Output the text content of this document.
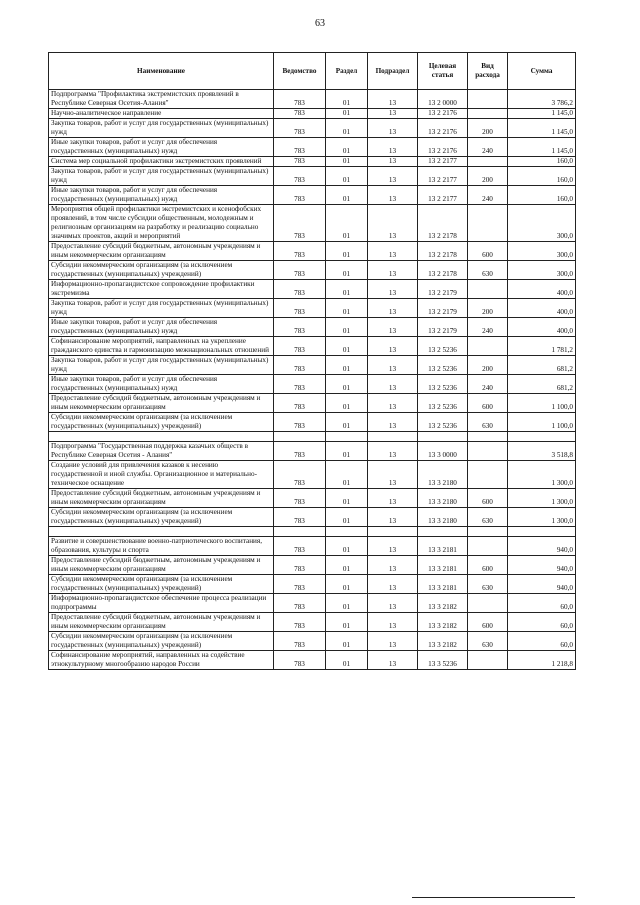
63
Наименование	Ведомство	Раздел	Подраздел	Целевая статья	Вид расхода	Сумма
Подпрограмма "Профилактика экстремистских проявлений в Республике Северная Осетия-Алания"	783	01	13	13 2 0000		3 786,2
Научно-аналитическое направление	783	01	13	13 2 2176		1 145,0
Закупка товаров, работ и услуг для государственных (муниципальных) нужд	783	01	13	13 2 2176	200	1 145,0
Иные закупки товаров, работ и услуг для обеспечения государственных (муниципальных) нужд	783	01	13	13 2 2176	240	1 145,0
Система мер социальной профилактики экстремистских проявлений	783	01	13	13 2 2177		160,0
Закупка товаров, работ и услуг для государственных (муниципальных) нужд	783	01	13	13 2 2177	200	160,0
Иные закупки товаров, работ и услуг для обеспечения государственных (муниципальных) нужд	783	01	13	13 2 2177	240	160,0
Мероприятия общей профилактики экстремистских и ксенофобских проявлений, в том числе субсидии общественным, молодежным и религиозным организациям на разработку и реализацию социально значимых проектов, акций и мероприятий	783	01	13	13 2 2178		300,0
Предоставление субсидий бюджетным, автономным учреждениям и иным некоммерческим организациям	783	01	13	13 2 2178	600	300,0
Субсидии некоммерческим организациям (за исключением государственных (муниципальных) учреждений)	783	01	13	13 2 2178	630	300,0
Информационно-пропагандистское сопровождение профилактики экстремизма	783	01	13	13 2 2179		400,0
Закупка товаров, работ и услуг для государственных (муниципальных) нужд	783	01	13	13 2 2179	200	400,0
Иные закупки товаров, работ и услуг для обеспечения государственных (муниципальных) нужд	783	01	13	13 2 2179	240	400,0
Софинансирование мероприятий, направленных на укрепление гражданского единства и гармонизацию межнациональных отношений	783	01	13	13 2 5236		1 781,2
Закупка товаров, работ и услуг для государственных (муниципальных) нужд	783	01	13	13 2 5236	200	681,2
Иные закупки товаров, работ и услуг для обеспечения государственных (муниципальных) нужд	783	01	13	13 2 5236	240	681,2
Предоставление субсидий бюджетным, автономным учреждениям и иным некоммерческим организациям	783	01	13	13 2 5236	600	1 100,0
Субсидии некоммерческим организациям (за исключением государственных (муниципальных) учреждений)	783	01	13	13 2 5236	630	1 100,0

Подпрограмма "Государственная поддержка казачьих обществ в Республике Северная Осетия - Алания"	783	01	13	13 3 0000		3 518,8
Создание условий для привлечения казаков к несению государственной и иной службы. Организационное и материально-техническое оснащение	783	01	13	13 3 2180		1 300,0
Предоставление субсидий бюджетным, автономным учреждениям и иным некоммерческим организациям	783	01	13	13 3 2180	600	1 300,0
Субсидии некоммерческим организациям (за исключением государственных (муниципальных) учреждений)	783	01	13	13 3 2180	630	1 300,0

Развитие и совершенствование военно-патриотического воспитания, образования, культуры и спорта	783	01	13	13 3 2181		940,0
Предоставление субсидий бюджетным, автономным учреждениям и иным некоммерческим организациям	783	01	13	13 3 2181	600	940,0
Субсидии некоммерческим организациям (за исключением государственных (муниципальных) учреждений)	783	01	13	13 3 2181	630	940,0
Информационно-пропагандистское обеспечение процесса реализации подпрограммы	783	01	13	13 3 2182		60,0
Предоставление субсидий бюджетным, автономным учреждениям и иным некоммерческим организациям	783	01	13	13 3 2182	600	60,0
Субсидии некоммерческим организациям (за исключением государственных (муниципальных) учреждений)	783	01	13	13 3 2182	630	60,0
Софинансирование мероприятий, направленных на содействие этнокультурному многообразию народов России	783	01	13	13 3 5236		1 218,8
